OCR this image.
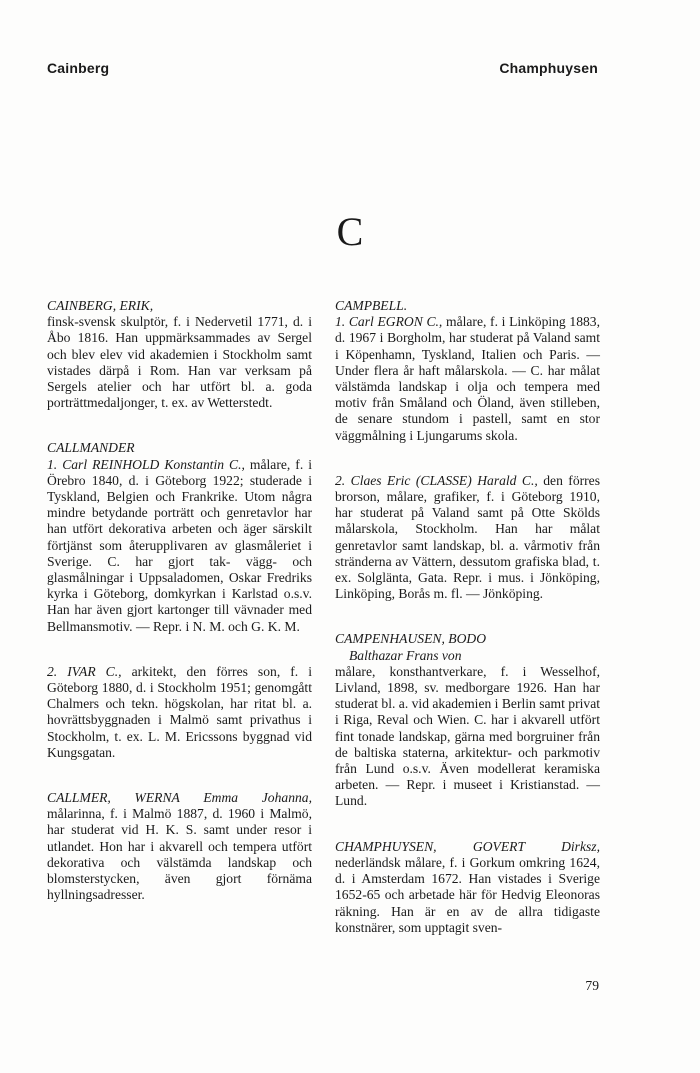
Cainberg	Champhuysen
C
CAINBERG, ERIK,

finsk-svensk skulptör, f. i Nedervetil 1771, d. i Åbo 1816. Han uppmärksammades av Sergel och blev elev vid akademien i Stockholm samt vistades därpå i Rom. Han var verksam på Sergels atelier och har utfört bl. a. goda porträttmedaljonger, t. ex. av Wetterstedt.

CALLMANDER

1. Carl REINHOLD Konstantin C., målare, f. i Örebro 1840, d. i Göteborg 1922; studerade i Tyskland, Belgien och Frankrike. Utom några mindre betydande porträtt och genretavlor har han utfört dekorativa arbeten och äger särskilt förtjänst som återupplivaren av glasmåleriet i Sverige. C. har gjort tak- vägg- och glasmålningar i Uppsaladomen, Oskar Fredriks kyrka i Göteborg, domkyrkan i Karlstad o.s.v. Han har även gjort kartonger till vävnader med Bellmansmotiv. — Repr. i N. M. och G. K. M.

2. IVAR C., arkitekt, den förres son, f. i Göteborg 1880, d. i Stockholm 1951; genomgått Chalmers och tekn. högskolan, har ritat bl. a. hovrättsbyggnaden i Malmö samt privathus i Stockholm, t. ex. L. M. Ericssons byggnad vid Kungsgatan.

CALLMER, WERNA Emma Johanna, målarinna, f. i Malmö 1887, d. 1960 i Malmö, har studerat vid H. K. S. samt under resor i utlandet. Hon har i akvarell och tempera utfört dekorativa och välstämda landskap och blomsterstycken, även gjort förnäma hyllningsadresser.

CAMPBELL.

1. Carl EGRON C., målare, f. i Linköping 1883, d. 1967 i Borgholm, har studerat på Valand samt i Köpenhamn, Tyskland, Italien och Paris. — Under flera år haft målarskola. — C. har målat välstämda landskap i olja och tempera med motiv från Småland och Öland, även stilleben, de senare stundom i pastell, samt en stor väggmålning i Ljungarums skola.

2. Claes Eric (CLASSE) Harald C., den förres brorson, målare, grafiker, f. i Göteborg 1910, har studerat på Valand samt på Otte Skölds målarskola, Stockholm. Han har målat genretavlor samt landskap, bl. a. vårmotiv från stränderna av Vättern, dessutom grafiska blad, t. ex. Solglänta, Gata. Repr. i mus. i Jönköping, Linköping, Borås m. fl. — Jönköping.

CAMPENHAUSEN, BODO
Balthazar Frans von

målare, konsthantverkare, f. i Wesselhof, Livland, 1898, sv. medborgare 1926. Han har studerat bl. a. vid akademien i Berlin samt privat i Riga, Reval och Wien. C. har i akvarell utfört fint tonade landskap, gärna med borgruiner från de baltiska staterna, arkitektur- och parkmotiv från Lund o.s.v. Även modellerat keramiska arbeten. — Repr. i museet i Kristianstad. — Lund.

CHAMPHUYSEN, GOVERT Dirksz, nederländsk målare, f. i Gorkum omkring 1624, d. i Amsterdam 1672. Han vistades i Sverige 1652-65 och arbetade här för Hedvig Eleonoras räkning. Han är en av de allra tidigaste konstnärer, som upptagit sven-

79
